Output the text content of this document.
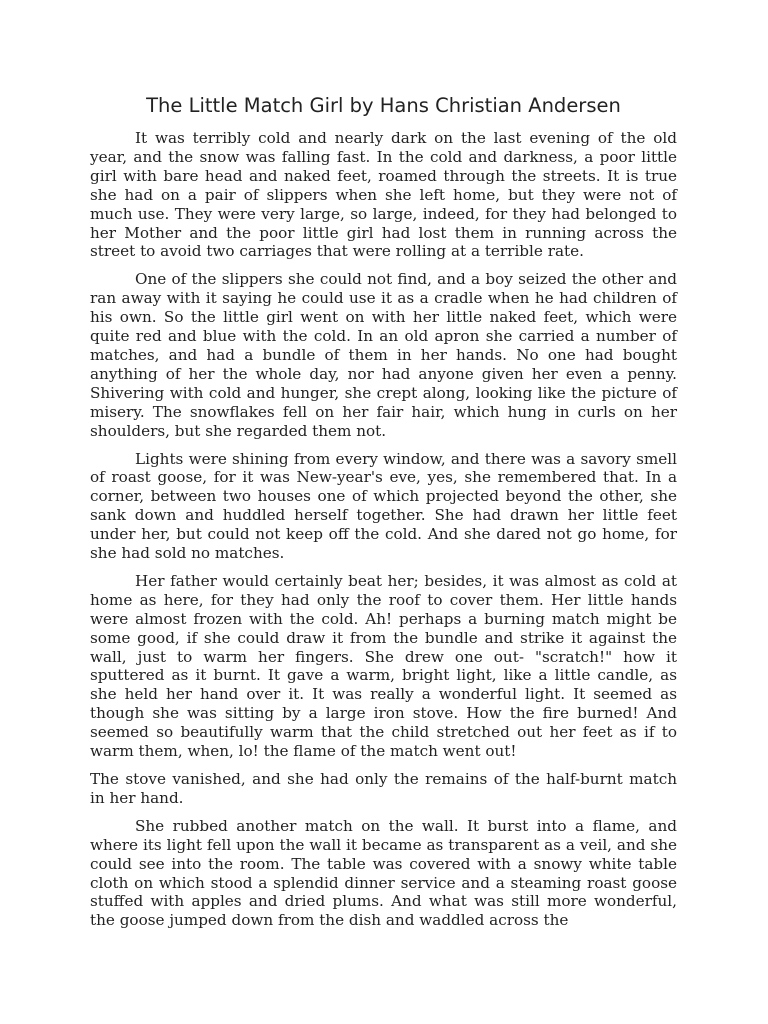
The Little Match Girl by Hans Christian Andersen

It was terribly cold and nearly dark on the last evening of the old year, and the snow was falling fast. In the cold and darkness, a poor little girl with bare head and naked feet, roamed through the streets. It is true she had on a pair of slippers when she left home, but they were not of much use. They were very large, so large, indeed, for they had belonged to her Mother and the poor little girl had lost them in running across the street to avoid two carriages that were rolling at a terrible rate.

One of the slippers she could not find, and a boy seized the other and ran away with it saying he could use it as a cradle when he had children of his own. So the little girl went on with her little naked feet, which were quite red and blue with the cold. In an old apron she carried a number of matches, and had a bundle of them in her hands. No one had bought anything of her the whole day, nor had anyone given her even a penny. Shivering with cold and hunger, she crept along, looking like the picture of misery. The snowflakes fell on her fair hair, which hung in curls on her shoulders, but she regarded them not.

Lights were shining from every window, and there was a savory smell of roast goose, for it was New-year's eve, yes, she remembered that. In a corner, between two houses one of which projected beyond the other, she sank down and huddled herself together. She had drawn her little feet under her, but could not keep off the cold. And she dared not go home, for she had sold no matches.

Her father would certainly beat her; besides, it was almost as cold at home as here, for they had only the roof to cover them. Her little hands were almost frozen with the cold. Ah! perhaps a burning match might be some good, if she could draw it from the bundle and strike it against the wall, just to warm her fingers. She drew one out- "scratch!" how it sputtered as it burnt. It gave a warm, bright light, like a little candle, as she held her hand over it. It was really a wonderful light. It seemed as though she was sitting by a large iron stove. How the fire burned! And seemed so beautifully warm that the child stretched out her feet as if to warm them, when, lo! the flame of the match went out!

The stove vanished, and she had only the remains of the half-burnt match in her hand.

She rubbed another match on the wall. It burst into a flame, and where its light fell upon the wall it became as transparent as a veil, and she could see into the room. The table was covered with a snowy white table cloth on which stood a splendid dinner service and a steaming roast goose stuffed with apples and dried plums. And what was still more wonderful, the goose jumped down from the dish and waddled across the
